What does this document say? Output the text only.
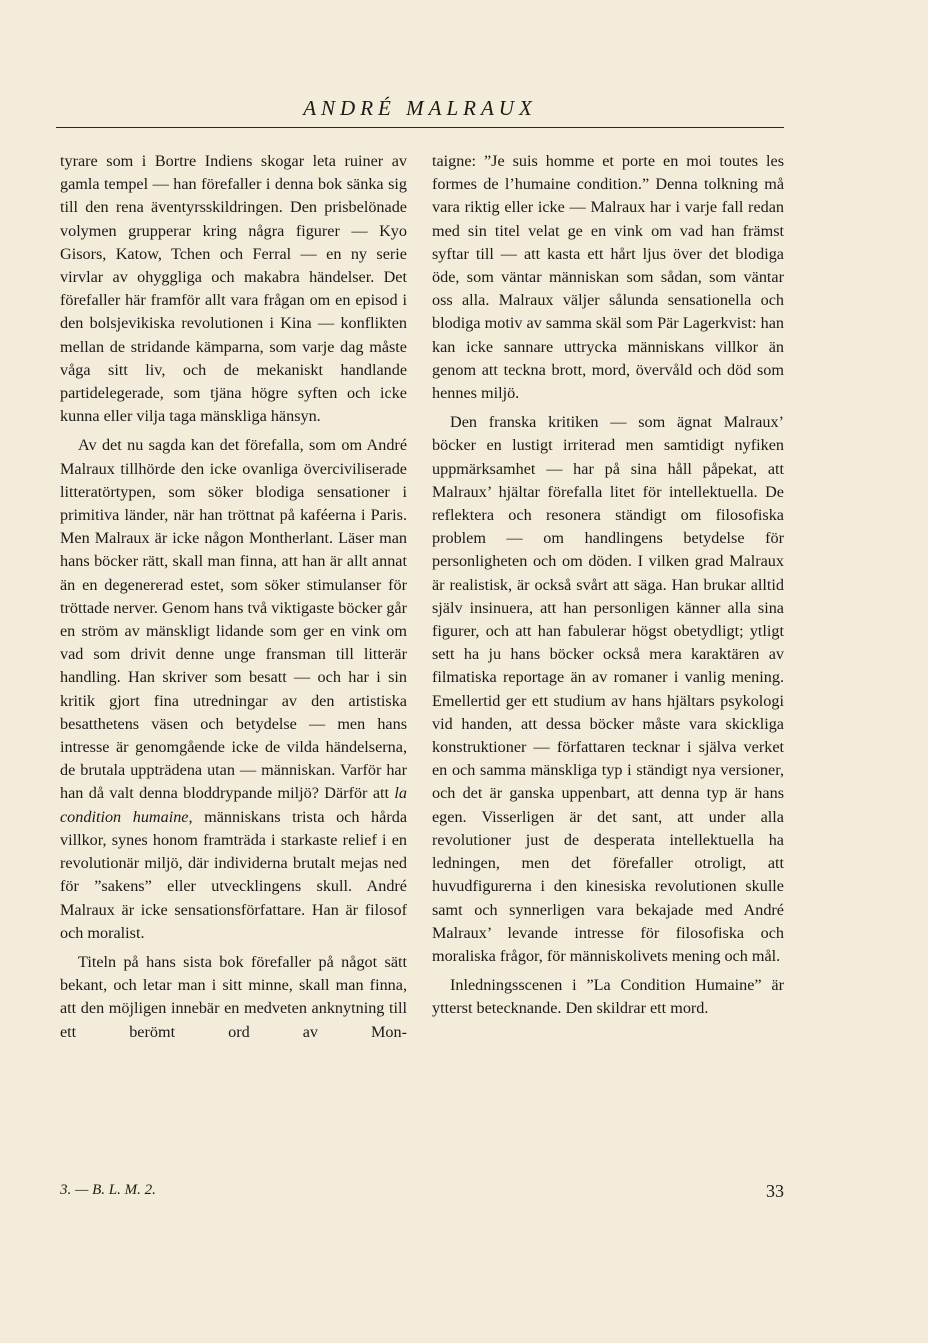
ANDRÉ MALRAUX

tyrare som i Bortre Indiens skogar leta ruiner av gamla tempel — han förefaller i denna bok sänka sig till den rena äventyrsskildringen. Den prisbelönade volymen grupperar kring några figurer — Kyo Gisors, Katow, Tchen och Ferral — en ny serie virvlar av ohyggliga och makabra händelser. Det förefaller här framför allt vara frågan om en episod i den bolsjevikiska revolutionen i Kina — konflikten mellan de stridande kämparna, som varje dag måste våga sitt liv, och de mekaniskt handlande partidelegerade, som tjäna högre syften och icke kunna eller vilja taga mänskliga hänsyn.

Av det nu sagda kan det förefalla, som om André Malraux tillhörde den icke ovanliga överciviliserade litteratörtypen, som söker blodiga sensationer i primitiva länder, när han tröttnat på kaféerna i Paris. Men Malraux är icke någon Montherlant. Läser man hans böcker rätt, skall man finna, att han är allt annat än en degenererad estet, som söker stimulanser för tröttade nerver. Genom hans två viktigaste böcker går en ström av mänskligt lidande som ger en vink om vad som drivit denne unge fransman till litterär handling. Han skriver som besatt — och har i sin kritik gjort fina utredningar av den artistiska besatthetens väsen och betydelse — men hans intresse är genomgående icke de vilda händelserna, de brutala uppträdena utan — människan. Varför har han då valt denna bloddrypande miljö? Därför att la condition humaine, människans trista och hårda villkor, synes honom framträda i starkaste relief i en revolutionär miljö, där individerna brutalt mejas ned för ”sakens” eller utvecklingens skull. André Malraux är icke sensationsförfattare. Han är filosof och moralist.

Titeln på hans sista bok förefaller på något sätt bekant, och letar man i sitt minne, skall man finna, att den möjligen innebär en medveten anknytning till ett berömt ord av Mon-

taigne: ”Je suis homme et porte en moi toutes les formes de l’humaine condition.” Denna tolkning må vara riktig eller icke — Malraux har i varje fall redan med sin titel velat ge en vink om vad han främst syftar till — att kasta ett hårt ljus över det blodiga öde, som väntar människan som sådan, som väntar oss alla. Malraux väljer sålunda sensationella och blodiga motiv av samma skäl som Pär Lagerkvist: han kan icke sannare uttrycka människans villkor än genom att teckna brott, mord, övervåld och död som hennes miljö.

Den franska kritiken — som ägnat Malraux’ böcker en lustigt irriterad men samtidigt nyfiken uppmärksamhet — har på sina håll påpekat, att Malraux’ hjältar förefalla litet för intellektuella. De reflektera och resonera ständigt om filosofiska problem — om handlingens betydelse för personligheten och om döden. I vilken grad Malraux är realistisk, är också svårt att säga. Han brukar alltid själv insinuera, att han personligen känner alla sina figurer, och att han fabulerar högst obetydligt; ytligt sett ha ju hans böcker också mera karaktären av filmatiska reportage än av romaner i vanlig mening. Emellertid ger ett studium av hans hjältars psykologi vid handen, att dessa böcker måste vara skickliga konstruktioner — författaren tecknar i själva verket en och samma mänskliga typ i ständigt nya versioner, och det är ganska uppenbart, att denna typ är hans egen. Visserligen är det sant, att under alla revolutioner just de desperata intellektuella ha ledningen, men det förefaller otroligt, att huvudfigurerna i den kinesiska revolutionen skulle samt och synnerligen vara bekajade med André Malraux’ levande intresse för filosofiska och moraliska frågor, för människolivets mening och mål.

Inledningsscenen i ”La Condition Humaine” är ytterst betecknande. Den skildrar ett mord.

3. — B. L. M. 2.	33
